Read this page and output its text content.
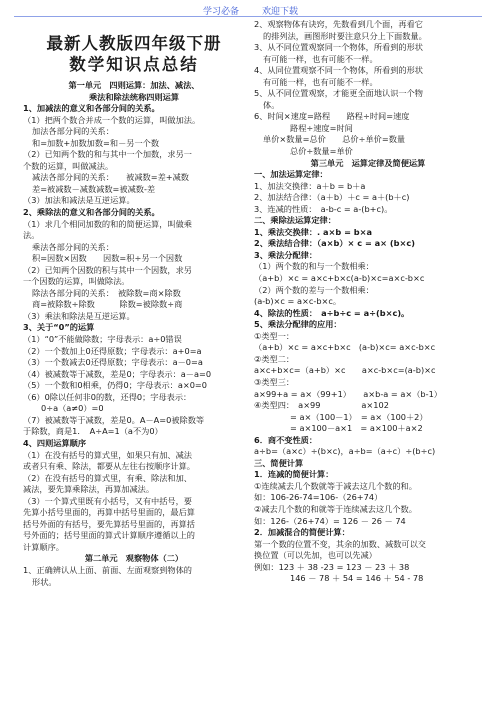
学习必备	欢迎下载

最新人教版四年级下册

数学知识点总结

第一单元　四则运算：加法、减法、

乘法和除法统称四则运算

1、加减法的意义和各部分间的关系。

（1）把两个数合并成一个数的运算，叫做加法。

加法各部分间的关系：

和=加数+加数加数=和－另一个数

（2）已知两个数的和与其中一个加数，求另一

个数的运算，叫做减法。

减法各部分间的关系：　　被减数=差+减数

差=被减数－减数减数=被减数-差

（3）加法和减法是互逆运算。

2、乘除法的意义和各部分间的关系。

（1）求几个相同加数的和的简便运算，叫做乘

法。

乘法各部分间的关系：

积=因数×因数　　因数=积÷另一个因数

（2）已知两个因数的积与其中一个因数，求另

一个因数的运算，叫做除法。

除法各部分间的关系：　被除数=商×除数

商=被除数÷除数　　　除数=被除数÷商

（3）乘法和除法是互逆运算。

3、关于“0”的运算

（1）“0”不能做除数；字母表示：a÷0错误

（2）一个数加上0还得原数；字母表示：a+0=a

（3）一个数减去0还得原数；字母表示：a－0=a

（4）被减数等于减数，差是0；字母表示：a－a=0

（5）一个数和0相乘，仍得0；字母表示：a×0=0

（6）0除以任何非0的数，还得0；字母表示：

0÷a（a≠0）=0

（7）被减数等于减数，差是0。A－A=0被除数等

于除数，商是1．　A÷A=1（a不为0）

4、四则运算顺序

（1）在没有括号的算式里，如果只有加、减法

或者只有乘、除法，都要从左往右按顺序计算。

（2）在没有括号的算式里，有乘、除法和加、

减法，要先算乘除法，再算加减法。

（3）一个算式里既有小括号，又有中括号，要

先算小括号里面的，再算中括号里面的，最后算

括号外面的有括号，要先算括号里面的，再算括

号外面的；括号里面的算式计算顺序遵循以上的

计算顺序。

第二单元　观察物体（二）

1、正确辨认从上面、前面、左面观察到物体的

形状。

2、观察物体有诀窍，先数看到几个面，再看它

的排列法，画图形时要注意只分上下面数量。

3、从不同位置观察同一个物体，所看到的形状

有可能一样，也有可能不一样。

4、从同位置观察不同一个物体，所看到的形状

有可能一样，也有可能不一样。

5、从不同位置观察，才能更全面地认识一个物

体。

6、时间×速度=路程　　路程÷时间=速度

路程÷速度=时间

单价×数量=总价　　总价÷单价=数量

总价÷数量=单价

第三单元　运算定律及简便运算

一、加法运算定律：

1、加法交换律：a＋b = b＋a

2、加法结合律：（a＋b）＋c = a＋(b＋c)

3、连减的性质：　a-b-c = a-(b+c)。

二、乘除法运算定律：

1、乘法交换律：. a×b = b×a

2、乘法结合律：（a×b）× c = a× (b×c)

3、乘法分配律：

（1）两个数的和与一个数相乘：

（a+b）×c = a×c+b×c(a-b)×c=a×c-b×c

（2）两个数的差与一个数相乘：

(a-b)×c = a×c-b×c。

4、除法的性质：　a÷b÷c = a÷(b×c)。

5、乘法分配律的应用：

①类型一：

（a+b）×c = a×c+b×c　(a-b)×c= a×c-b×c

②类型二：

a×c+b×c=（a+b）×c　　a×c-b×c=(a-b)×c

③类型三：

a×99+a = a×（99+1）　　a×b-a = a×（b-1）

④类型四：　a×99　　　　　a×102

= a×（100－1）　= a×（100＋2）

= a×100－a×1　= a×100＋a×2

6．商不变性质：

a÷b=（a×c）÷(b×c)，a÷b=（a÷c）÷(b÷c)

三、简便计算

1．连减的简便计算：

①连续减去几个数就等于减去这几个数的和。

如：106-26-74=106-（26+74）

②减去几个数的和就等于连续减去这几个数。

如：126-（26+74）= 126 － 26 － 74

2．加减混合的简便计算：

第一个数的位置不变，其余的加数、减数可以交

换位置（可以先加，也可以先减）

例如：123 ＋ 38 -23 = 123 － 23 ＋ 38

146 － 78 ＋ 54 = 146 ＋ 54 - 78
